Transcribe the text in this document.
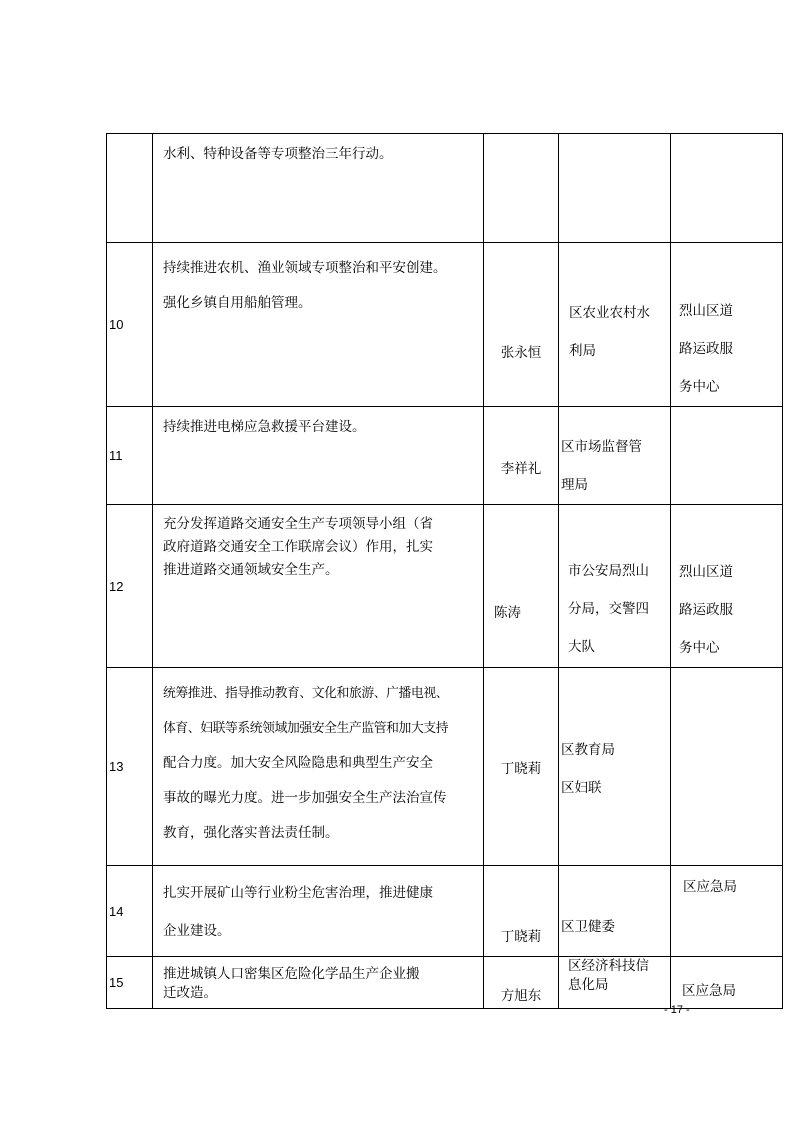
	水利、特种设备等专项整治三年行动。			

10	持续推进农机、渔业领域专项整治和平安创建。
强化乡镇自用船舶管理。	张永恒	区农业农村水
利局	烈山区道
路运政服
务中心

11	持续推进电梯应急救援平台建设。	李祥礼	区市场监督管
理局	

12	充分发挥道路交通安全生产专项领导小组（省
政府道路交通安全工作联席会议）作用，扎实
推进道路交通领域安全生产。	陈涛	市公安局烈山
分局，交警四
大队	烈山区道
路运政服
务中心

13	统筹推进、指导推动教育、文化和旅游、广播电视、
体育、妇联等系统领域加强安全生产监管和加大支持
配合力度。加大安全风险隐患和典型生产安全
事故的曝光力度。进一步加强安全生产法治宣传
教育，强化落实普法责任制。	丁晓莉	区教育局
区妇联	

14	扎实开展矿山等行业粉尘危害治理，推进健康
企业建设。	丁晓莉	区卫健委	区应急局

15	推进城镇人口密集区危险化学品生产企业搬
迁改造。	方旭东	区经济科技信
息化局	区应急局
- 17 -
